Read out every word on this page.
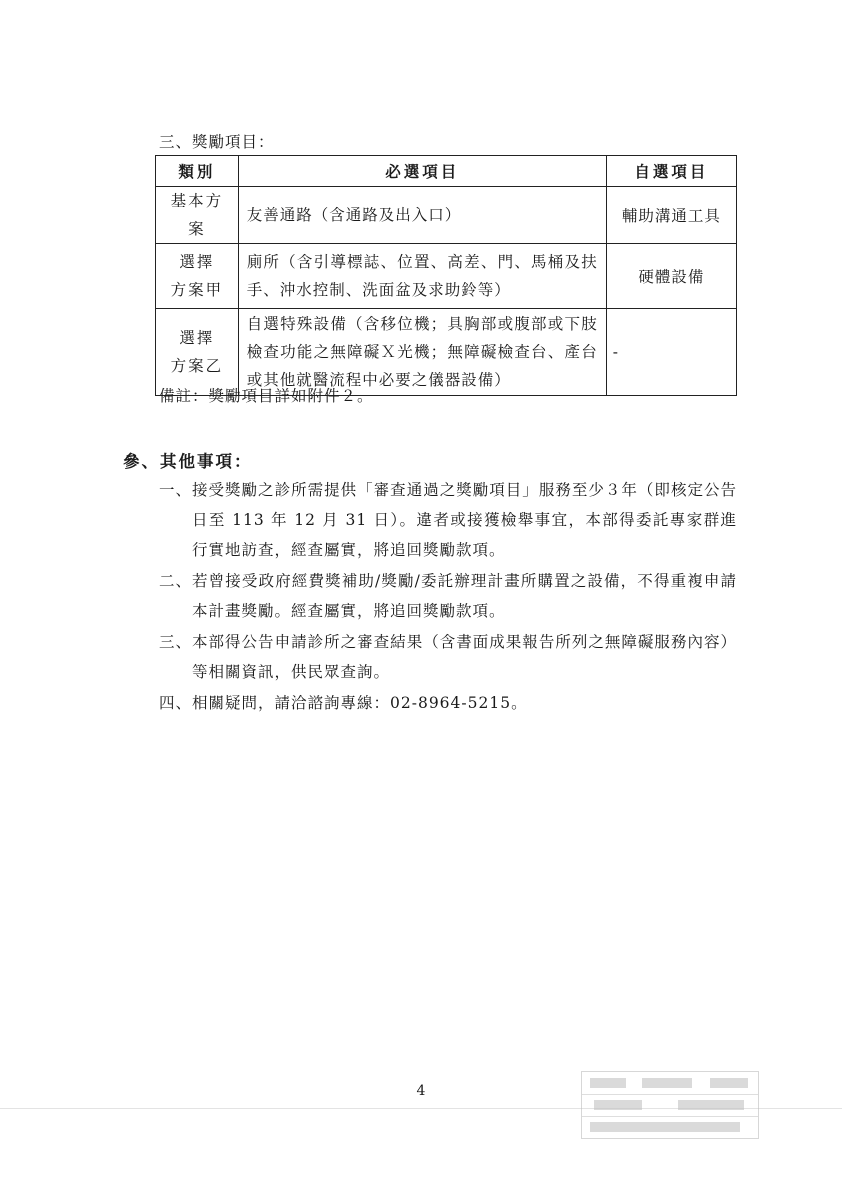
三、獎勵項目：
類別	必選項目	自選項目
基本方案	友善通路（含通路及出入口）	輔助溝通工具

選擇
方案甲	廁所（含引導標誌、位置、高差、門、馬桶及扶手、沖水控制、洗面盆及求助鈴等）	硬體設備

選擇
方案乙	自選特殊設備（含移位機；具胸部或腹部或下肢檢查功能之無障礙Ｘ光機；無障礙檢查台、產台或其他就醫流程中必要之儀器設備）	-
備註：獎勵項目詳如附件２。
參、其他事項：
一、 接受獎勵之診所需提供「審查通過之獎勵項目」服務至少３年（即核定公告日至 113 年 12 月 31 日）。違者或接獲檢舉事宜，本部得委託專家群進行實地訪查，經查屬實，將追回獎勵款項。
二、 若曾接受政府經費獎補助/獎勵/委託辦理計畫所購置之設備，不得重複申請本計畫獎勵。經查屬實，將追回獎勵款項。
三、 本部得公告申請診所之審查結果（含書面成果報告所列之無障礙服務內容）等相關資訊，供民眾查詢。
四、 相關疑問，請洽諮詢專線：02-8964-5215。
4
